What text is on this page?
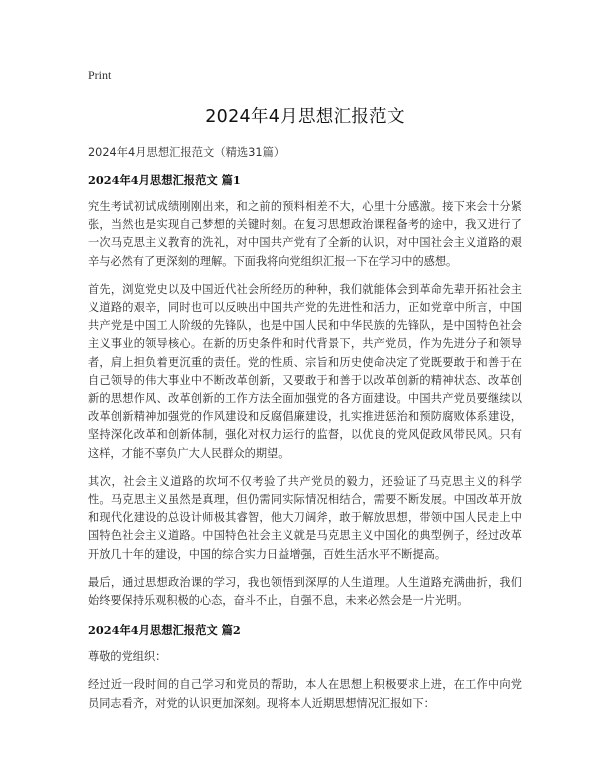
Print
2024年4月思想汇报范文
2024年4月思想汇报范文（精选31篇）
2024年4月思想汇报范文 篇1

究生考试初试成绩刚刚出来，和之前的预料相差不大，心里十分感激。接下来会十分紧张，当然也是实现自己梦想的关键时刻。在复习思想政治课程备考的途中，我又进行了一次马克思主义教育的洗礼，对中国共产党有了全新的认识，对中国社会主义道路的艰辛与必然有了更深刻的理解。下面我将向党组织汇报一下在学习中的感想。

首先，浏览党史以及中国近代社会所经历的种种，我们就能体会到革命先辈开拓社会主义道路的艰辛，同时也可以反映出中国共产党的先进性和活力，正如党章中所言，中国共产党是中国工人阶级的先锋队，也是中国人民和中华民族的先锋队，是中国特色社会主义事业的领导核心。在新的历史条件和时代背景下，共产党员，作为先进分子和领导者，肩上担负着更沉重的责任。党的性质、宗旨和历史使命决定了党既要敢于和善于在自己领导的伟大事业中不断改革创新，又要敢于和善于以改革创新的精神状态、改革创新的思想作风、改革创新的工作方法全面加强党的各方面建设。中国共产党员要继续以改革创新精神加强党的作风建设和反腐倡廉建设，扎实推进惩治和预防腐败体系建设，坚持深化改革和创新体制，强化对权力运行的监督，以优良的党风促政风带民风。只有这样，才能不辜负广大人民群众的期望。

其次，社会主义道路的坎坷不仅考验了共产党员的毅力，还验证了马克思主义的科学性。马克思主义虽然是真理，但仍需同实际情况相结合，需要不断发展。中国改革开放和现代化建设的总设计师极其睿智，他大刀阔斧，敢于解放思想，带领中国人民走上中国特色社会主义道路。中国特色社会主义就是马克思主义中国化的典型例子，经过改革开放几十年的建设，中国的综合实力日益增强，百姓生活水平不断提高。

最后，通过思想政治课的学习，我也领悟到深厚的人生道理。人生道路充满曲折，我们始终要保持乐观积极的心态，奋斗不止，自强不息，未来必然会是一片光明。

2024年4月思想汇报范文 篇2

尊敬的党组织：

经过近一段时间的自己学习和党员的帮助，本人在思想上积极要求上进，在工作中向党员同志看齐，对党的认识更加深刻。现将本人近期思想情况汇报如下：
